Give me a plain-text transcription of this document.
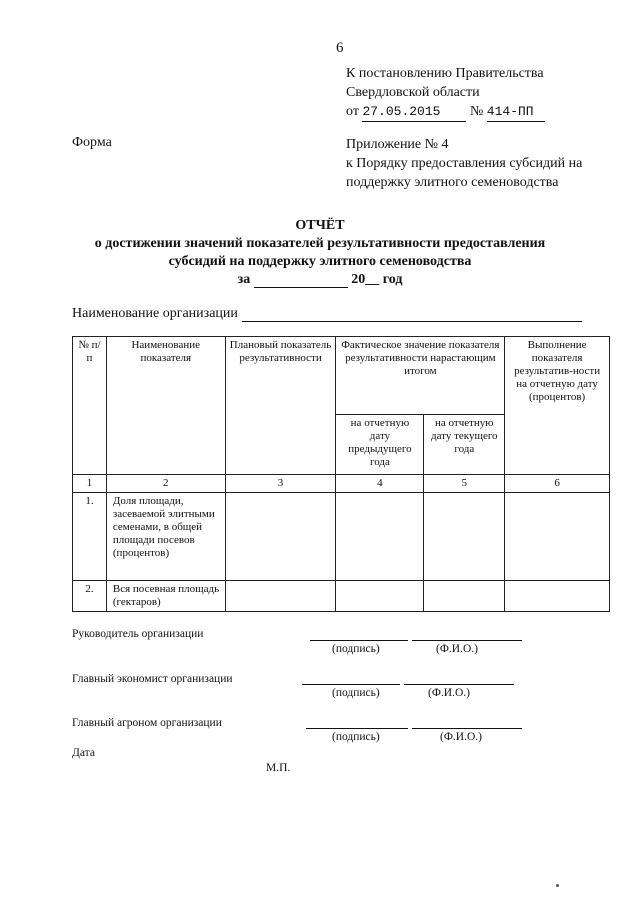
6
К постановлению Правительства
Свердловской области
от 27.05.2015 № 414-ПП
Форма	Приложение № 4
к Порядку предоставления субсидий на
поддержку элитного семеноводства
ОТЧЁТ
о достижении значений показателей результативности предоставления
субсидий на поддержку элитного семеноводства
за	20__ год
Наименование организации
№ п/п	Наименование показателя	Плановый показатель результативности	Фактическое значение показателя результативности нарастающим итогом		Выполнение показателя результатив-ности на отчетную дату (процентов)
			на отчетную дату предыдущего года	на отчетную дату текущего года	
1	2	3	4	5	6
1.	Доля площади, засеваемой элитными семенами, в общей площади посевов (процентов)				
2.	Вся посевная площадь (гектаров)				
Руководитель организации
(подпись)	(Ф.И.О.)
Главный экономист организации
(подпись)	(Ф.И.О.)
Главный агроном организации
(подпись)	(Ф.И.О.)
Дата
М.П.
